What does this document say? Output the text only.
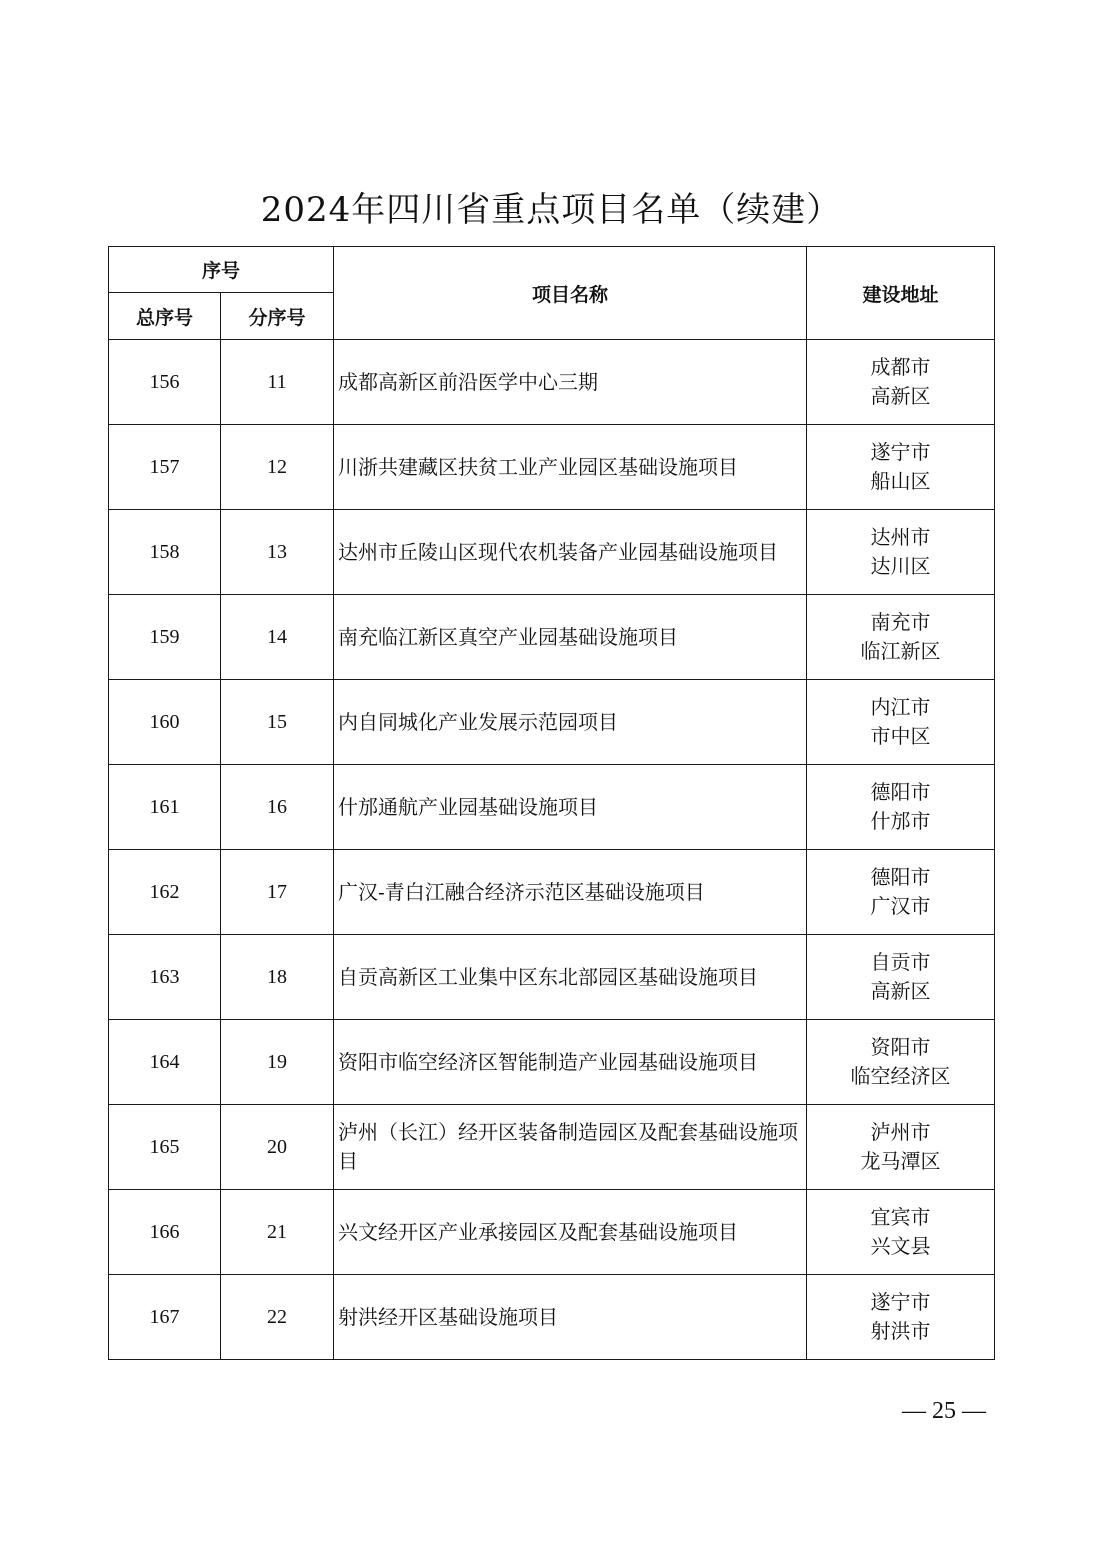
2024年四川省重点项目名单（续建）
序号		项目名称	建设地址
总序号	分序号		
156	11	成都高新区前沿医学中心三期	成都市
高新区

157	12	川浙共建藏区扶贫工业产业园区基础设施项目	遂宁市
船山区

158	13	达州市丘陵山区现代农机装备产业园基础设施项目	达州市
达川区

159	14	南充临江新区真空产业园基础设施项目	南充市
临江新区

160	15	内自同城化产业发展示范园项目	内江市
市中区

161	16	什邡通航产业园基础设施项目	德阳市
什邡市

162	17	广汉-青白江融合经济示范区基础设施项目	德阳市
广汉市

163	18	自贡高新区工业集中区东北部园区基础设施项目	自贡市
高新区

164	19	资阳市临空经济区智能制造产业园基础设施项目	资阳市
临空经济区

165	20	泸州（长江）经开区装备制造园区及配套基础设施项目	泸州市
龙马潭区

166	21	兴文经开区产业承接园区及配套基础设施项目	宜宾市
兴文县

167	22	射洪经开区基础设施项目	遂宁市
射洪市
— 25 —
